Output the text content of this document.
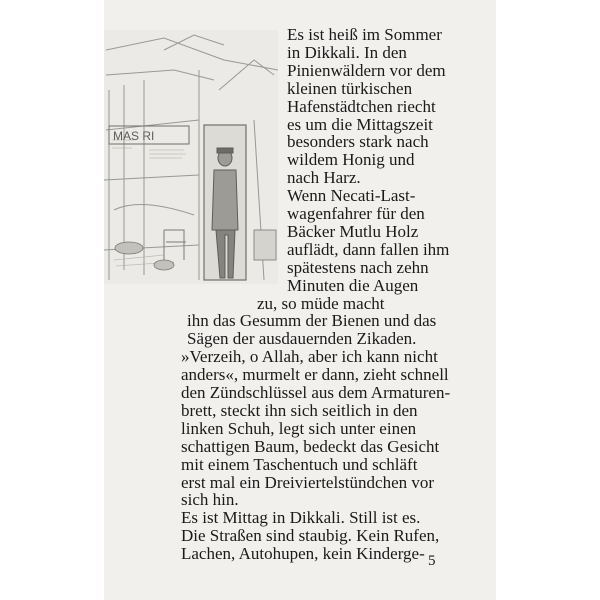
MAS RI
Es ist heiß im Sommer
in Dikkali. In den
Pinienwäldern vor dem
kleinen türkischen
Hafenstädtchen riecht
es um die Mittagszeit
besonders stark nach
wildem Honig und
nach Harz.
Wenn Necati-Last-
wagenfahrer für den
Bäcker Mutlu Holz
auflädt, dann fallen ihm
spätestens nach zehn
Minuten die Augen
zu, so müde macht
ihn das Gesumm der Bienen und das
Sägen der ausdauernden Zikaden.
»Verzeih, o Allah, aber ich kann nicht
anders«, murmelt er dann, zieht schnell
den Zündschlüssel aus dem Armaturen-
brett, steckt ihn sich seitlich in den
linken Schuh, legt sich unter einen
schattigen Baum, bedeckt das Gesicht
mit einem Taschentuch und schläft
erst mal ein Dreiviertelstündchen vor
sich hin.
Es ist Mittag in Dikkali. Still ist es.
Die Straßen sind staubig. Kein Rufen,
Lachen, Autohupen, kein Kinderge- 5
